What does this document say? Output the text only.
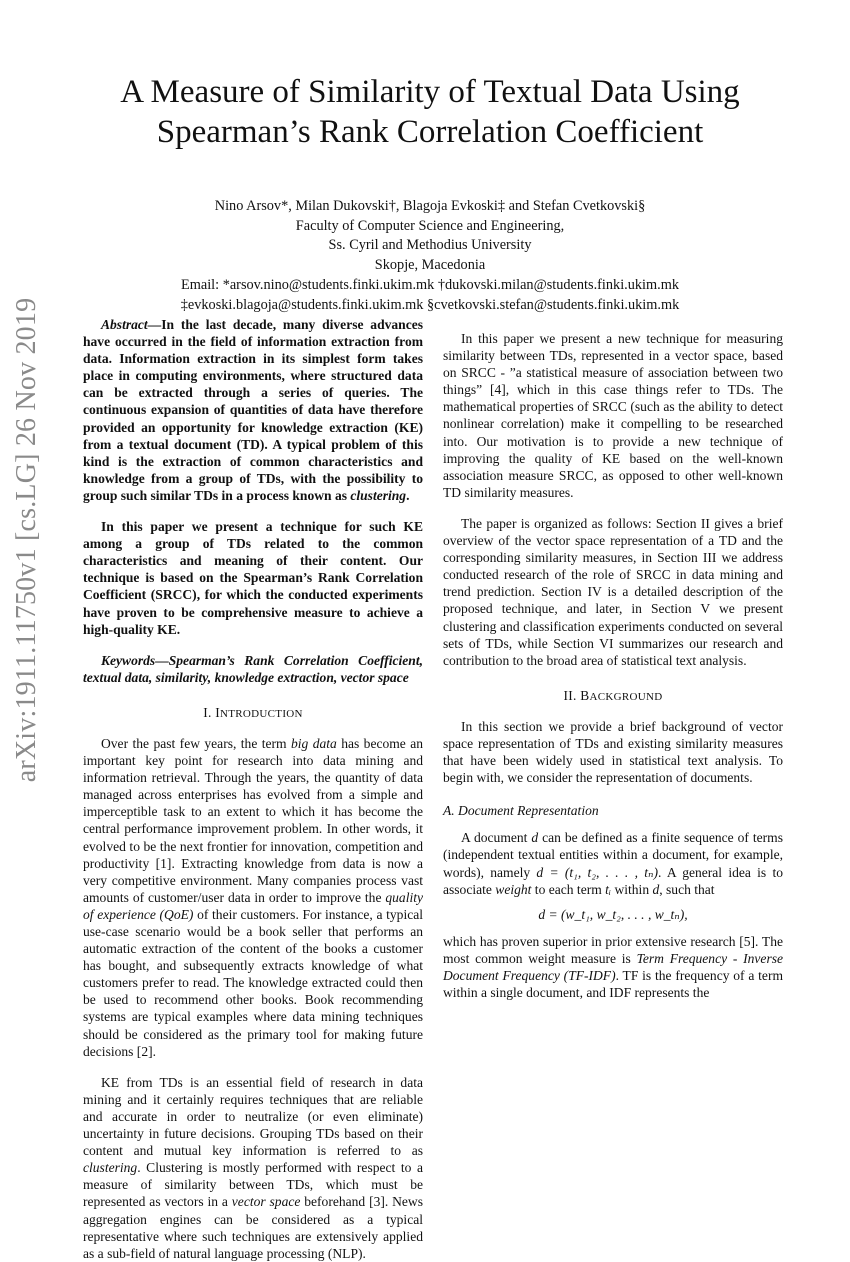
arXiv:1911.11750v1 [cs.LG] 26 Nov 2019
A Measure of Similarity of Textual Data Using
Spearman’s Rank Correlation Coefficient
Nino Arsov*, Milan Dukovski†, Blagoja Evkoski‡ and Stefan Cvetkovski§
Faculty of Computer Science and Engineering,
Ss. Cyril and Methodius University
Skopje, Macedonia
Email: *arsov.nino@students.finki.ukim.mk †dukovski.milan@students.finki.ukim.mk
‡evkoski.blagoja@students.finki.ukim.mk §cvetkovski.stefan@students.finki.ukim.mk

Abstract—In the last decade, many diverse advances have occurred in the field of information extraction from data. Information extraction in its simplest form takes place in computing environments, where structured data can be extracted through a series of queries. The continuous expansion of quantities of data have therefore provided an opportunity for knowledge extraction (KE) from a textual document (TD). A typical problem of this kind is the extraction of common characteristics and knowledge from a group of TDs, with the possibility to group such similar TDs in a process known as clustering.

In this paper we present a technique for such KE among a group of TDs related to the common characteristics and meaning of their content. Our technique is based on the Spearman’s Rank Correlation Coefficient (SRCC), for which the conducted experiments have proven to be comprehensive measure to achieve a high-quality KE.

Keywords—Spearman’s Rank Correlation Coefficient, textual data, similarity, knowledge extraction, vector space

I. INTRODUCTION

Over the past few years, the term big data has become an important key point for research into data mining and information retrieval. Through the years, the quantity of data managed across enterprises has evolved from a simple and imperceptible task to an extent to which it has become the central performance improvement problem. In other words, it evolved to be the next frontier for innovation, competition and productivity [1]. Extracting knowledge from data is now a very competitive environment. Many companies process vast amounts of customer/user data in order to improve the quality of experience (QoE) of their customers. For instance, a typical use-case scenario would be a book seller that performs an automatic extraction of the content of the books a customer has bought, and subsequently extracts knowledge of what customers prefer to read. The knowledge extracted could then be used to recommend other books. Book recommending systems are typical examples where data mining techniques should be considered as the primary tool for making future decisions [2].

KE from TDs is an essential field of research in data mining and it certainly requires techniques that are reliable and accurate in order to neutralize (or even eliminate) uncertainty in future decisions. Grouping TDs based on their content and mutual key information is referred to as clustering. Clustering is mostly performed with respect to a measure of similarity between TDs, which must be represented as vectors in a vector space beforehand [3]. News aggregation engines can be considered as a typical representative where such techniques are extensively applied as a sub-field of natural language processing (NLP).

In this paper we present a new technique for measuring similarity between TDs, represented in a vector space, based on SRCC - ”a statistical measure of association between two things” [4], which in this case things refer to TDs. The mathematical properties of SRCC (such as the ability to detect nonlinear correlation) make it compelling to be researched into. Our motivation is to provide a new technique of improving the quality of KE based on the well-known association measure SRCC, as opposed to other well-known TD similarity measures.

The paper is organized as follows: Section II gives a brief overview of the vector space representation of a TD and the corresponding similarity measures, in Section III we address conducted research of the role of SRCC in data mining and trend prediction. Section IV is a detailed description of the proposed technique, and later, in Section V we present clustering and classification experiments conducted on several sets of TDs, while Section VI summarizes our research and contribution to the broad area of statistical text analysis.

II. BACKGROUND

In this section we provide a brief background of vector space representation of TDs and existing similarity measures that have been widely used in statistical text analysis. To begin with, we consider the representation of documents.

A. Document Representation

A document d can be defined as a finite sequence of terms (independent textual entities within a document, for example, words), namely d = (t₁, t₂, . . . , tₙ). A general idea is to associate weight to each term tᵢ within d, such that

d = (w_t₁, w_t₂, . . . , w_tₙ),

which has proven superior in prior extensive research [5]. The most common weight measure is Term Frequency - Inverse Document Frequency (TF-IDF). TF is the frequency of a term within a single document, and IDF represents the
